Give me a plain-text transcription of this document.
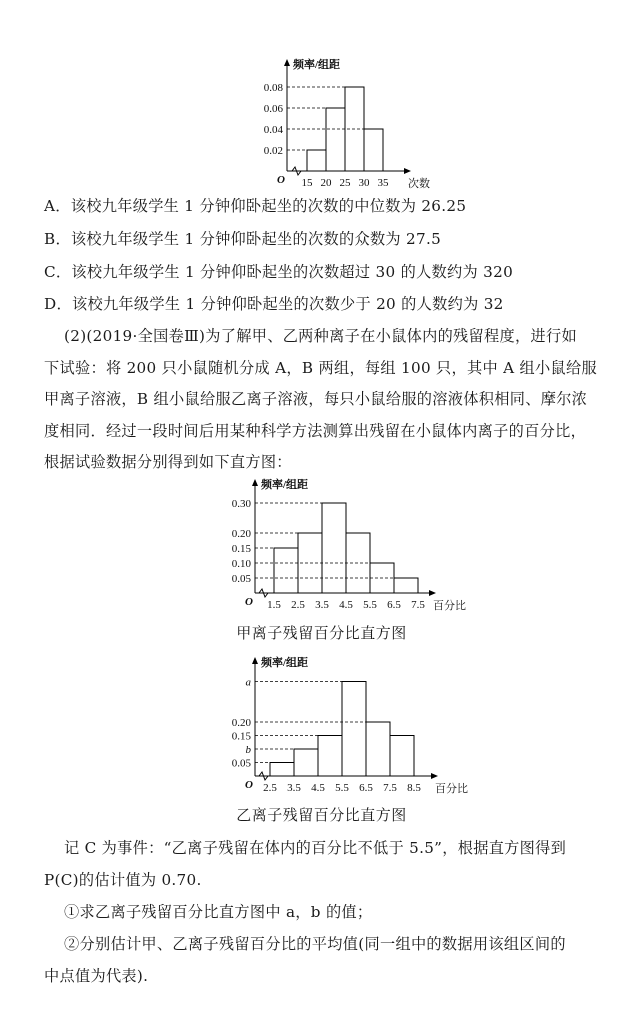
0.08
0.06
0.04
0.02
15 20 25 30 35
O
频率/组距
次数
A．该校九年级学生 1 分钟仰卧起坐的次数的中位数为 26.25
B．该校九年级学生 1 分钟仰卧起坐的次数的众数为 27.5
C．该校九年级学生 1 分钟仰卧起坐的次数超过 30 的人数约为 320
D．该校九年级学生 1 分钟仰卧起坐的次数少于 20 的人数约为 32
(2)(2019·全国卷Ⅲ)为了解甲、乙两种离子在小鼠体内的残留程度，进行如
下试验：将 200 只小鼠随机分成 A，B 两组，每组 100 只，其中 A 组小鼠给服
甲离子溶液，B 组小鼠给服乙离子溶液，每只小鼠给服的溶液体积相同、摩尔浓
度相同．经过一段时间后用某种科学方法测算出残留在小鼠体内离子的百分比，
根据试验数据分别得到如下直方图：
0.30
0.20
0.15
0.10
0.05
1.5 2.5 3.5 4.5 5.5 6.5 7.5
O
频率/组距
百分比
甲离子残留百分比直方图
a
0.20
0.15
b
0.05
2.5 3.5 4.5 5.5 6.5 7.5 8.5
O
频率/组距
百分比
乙离子残留百分比直方图
记 C 为事件：“乙离子残留在体内的百分比不低于 5.5”，根据直方图得到
P(C)的估计值为 0.70.
①求乙离子残留百分比直方图中 a，b 的值；
②分别估计甲、乙离子残留百分比的平均值(同一组中的数据用该组区间的
中点值为代表).
